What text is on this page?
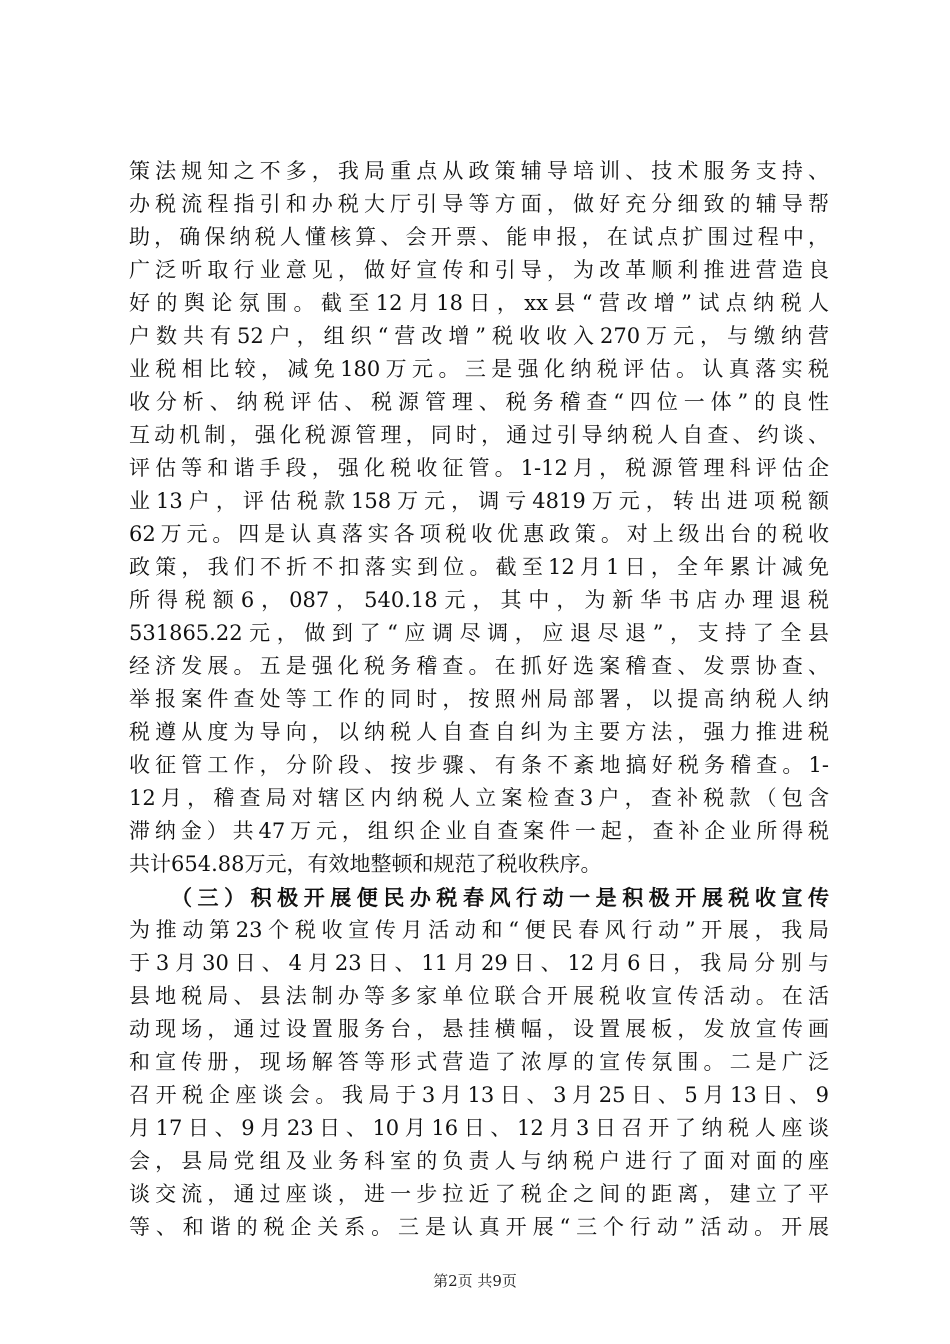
策法规知之不多，我局重点从政策辅导培训、技术服务支持、
办税流程指引和办税大厅引导等方面，做好充分细致的辅导帮
助，确保纳税人懂核算、会开票、能申报，在试点扩围过程中，
广泛听取行业意见，做好宣传和引导，为改革顺利推进营造良
好的舆论氛围。截至12月18日，xx县“营改增”试点纳税人
户数共有52户，组织“营改增”税收收入270万元，与缴纳营
业税相比较，减免180万元。三是强化纳税评估。认真落实税
收分析、纳税评估、税源管理、税务稽查“四位一体”的良性
互动机制，强化税源管理，同时，通过引导纳税人自查、约谈、
评估等和谐手段，强化税收征管。1-12月，税源管理科评估企
业13户，评估税款158万元，调亏4819万元，转出进项税额
62万元。四是认真落实各项税收优惠政策。对上级出台的税收
政策，我们不折不扣落实到位。截至12月1日，全年累计减免
所得税额6，087，540.18元，其中，为新华书店办理退税
531865.22元，做到了“应调尽调，应退尽退”，支持了全县
经济发展。五是强化税务稽查。在抓好选案稽查、发票协查、
举报案件查处等工作的同时，按照州局部署，以提高纳税人纳
税遵从度为导向，以纳税人自查自纠为主要方法，强力推进税
收征管工作，分阶段、按步骤、有条不紊地搞好税务稽查。1-
12月，稽查局对辖区内纳税人立案检查3户，查补税款（包含
滞纳金）共47万元，组织企业自查案件一起，查补企业所得税
共计654.88万元，有效地整顿和规范了税收秩序。
（三）积极开展便民办税春风行动一是积极开展税收宣传
为推动第23个税收宣传月活动和“便民春风行动”开展，我局
于3月30日、4月23日、11月29日、12月6日，我局分别与
县地税局、县法制办等多家单位联合开展税收宣传活动。在活
动现场，通过设置服务台，悬挂横幅，设置展板，发放宣传画
和宣传册，现场解答等形式营造了浓厚的宣传氛围。二是广泛
召开税企座谈会。我局于3月13日、3月25日、5月13日、9
月17日、9月23日、10月16日、12月3日召开了纳税人座谈
会，县局党组及业务科室的负责人与纳税户进行了面对面的座
谈交流，通过座谈，进一步拉近了税企之间的距离，建立了平
等、和谐的税企关系。三是认真开展“三个行动”活动。开展
第2页 共9页
